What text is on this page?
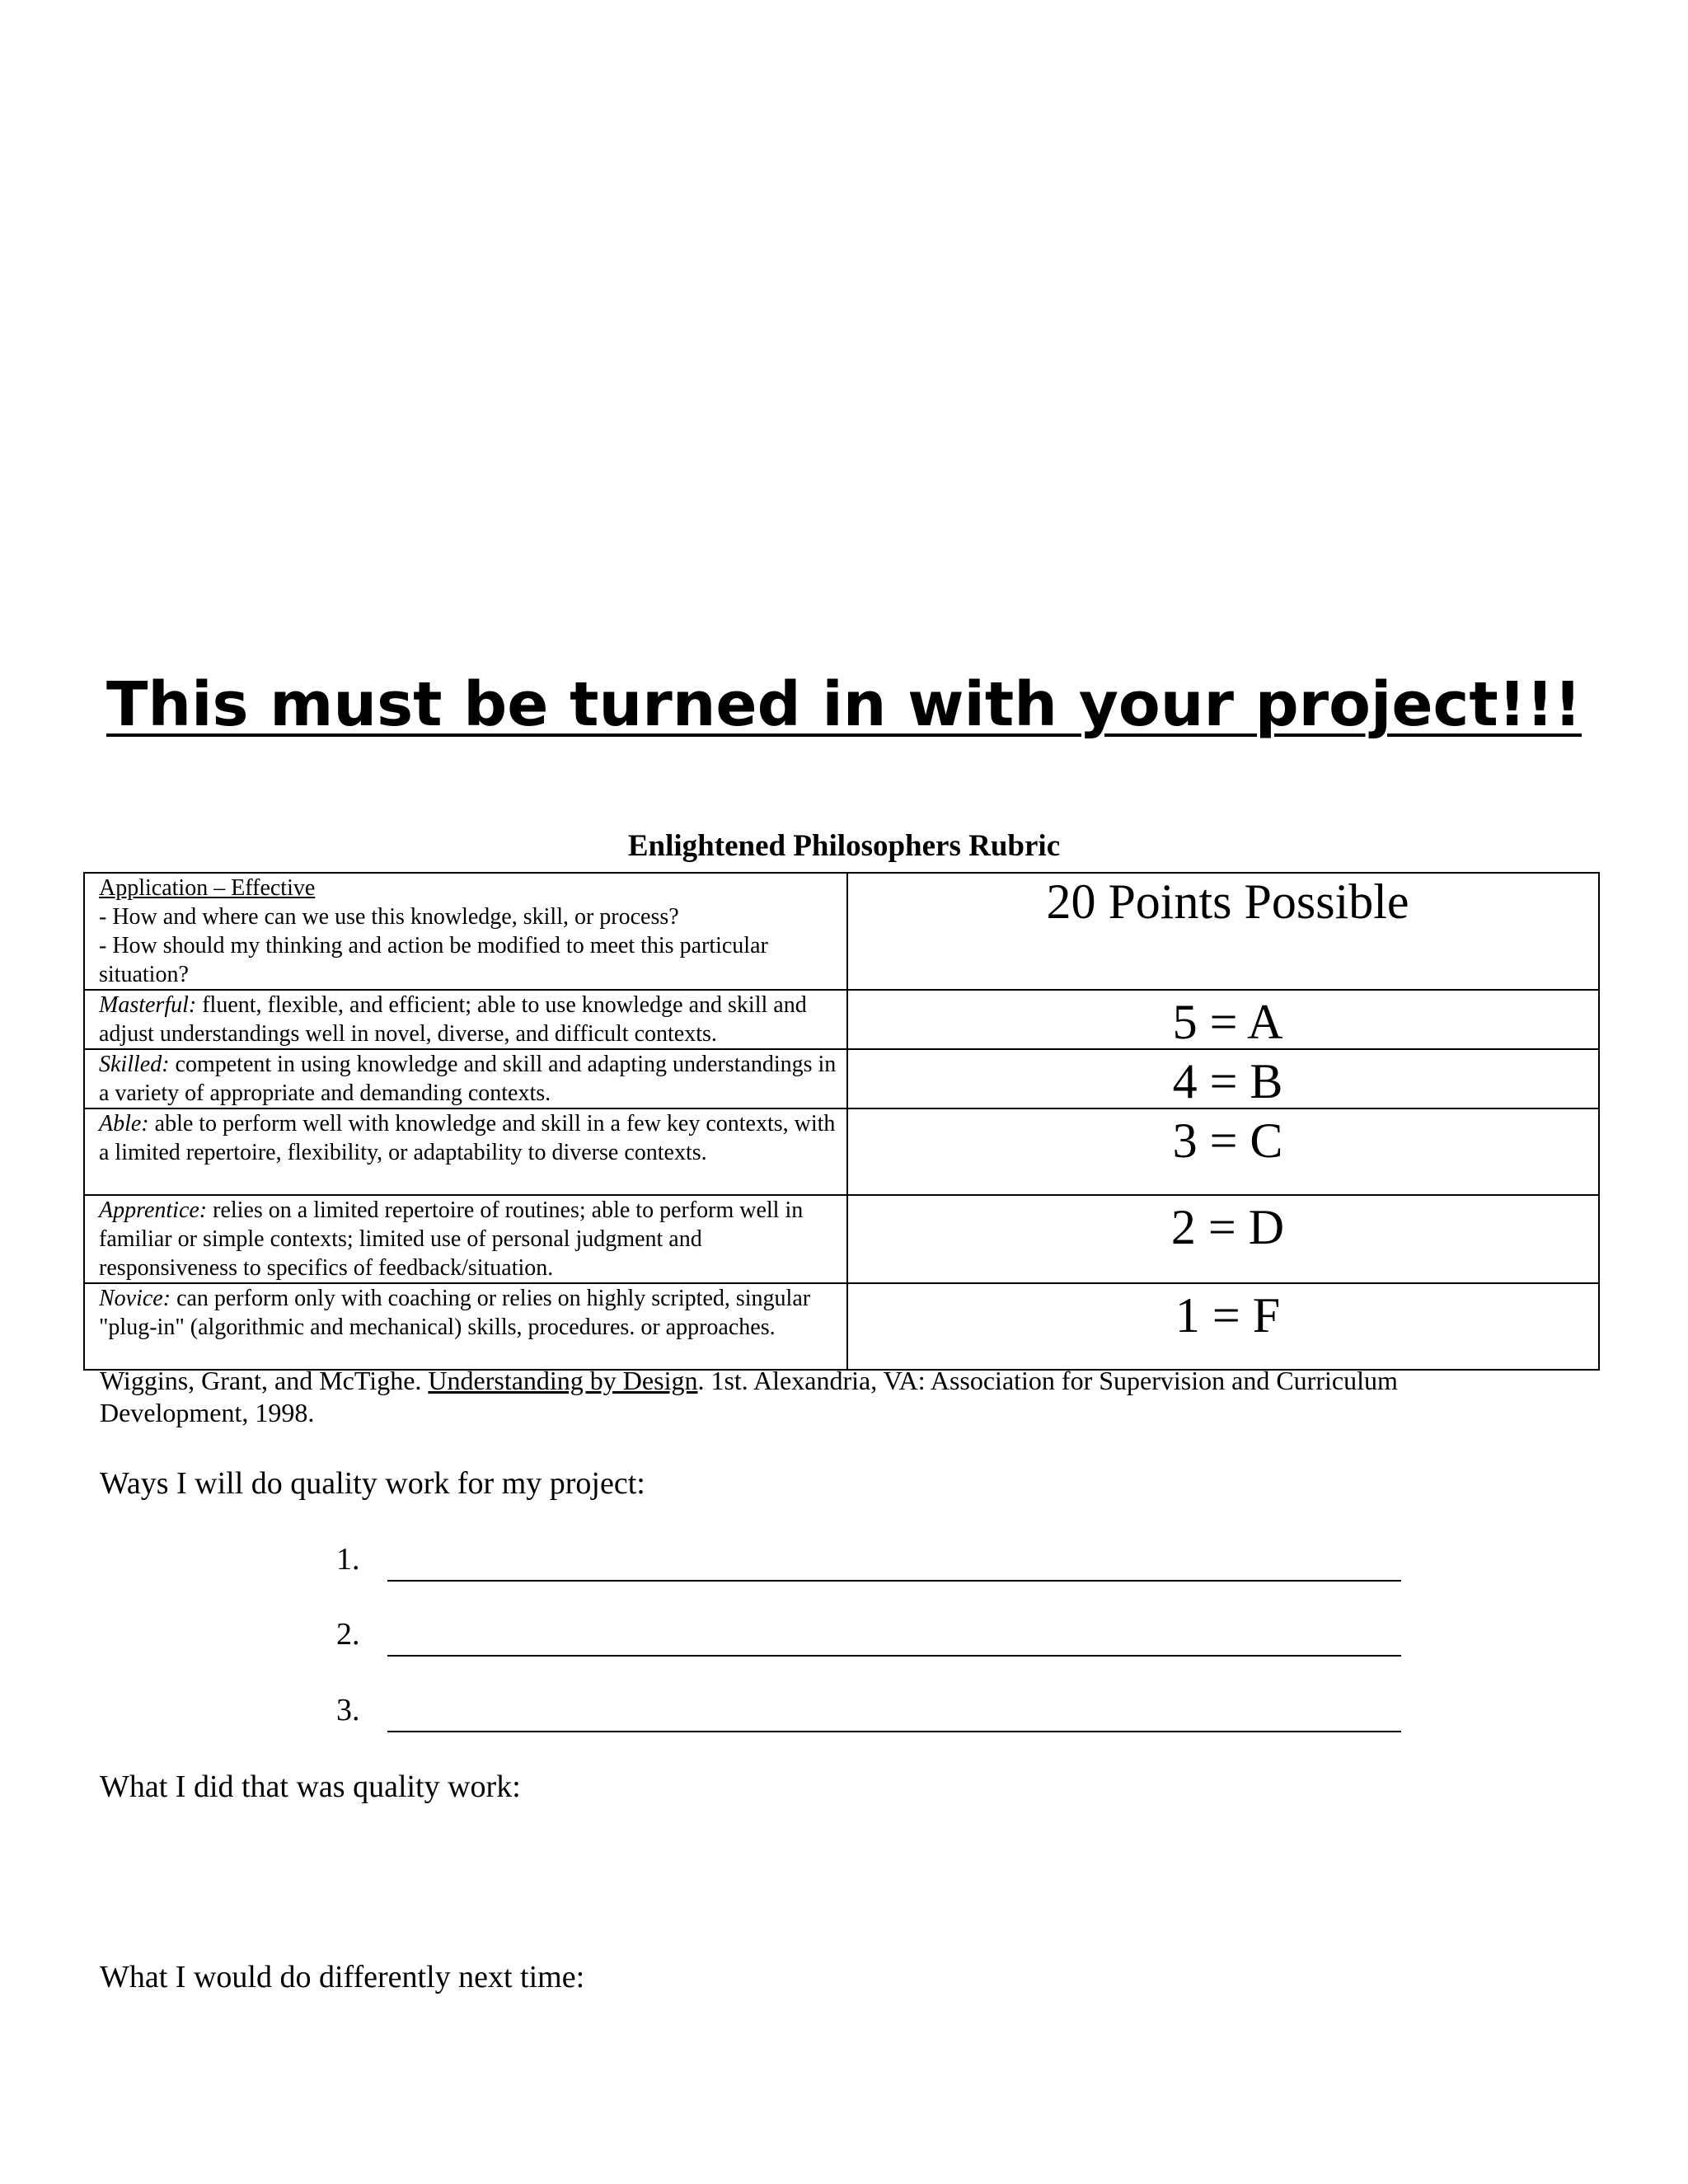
This must be turned in with your project!!!
Enlightened Philosophers Rubric
Application – Effective
- How and where can we use this knowledge, skill, or process?
- How should my thinking and action be modified to meet this particular situation?	20 Points Possible
Masterful: fluent, flexible, and efficient; able to use knowledge and skill and adjust understandings well in novel, diverse, and difficult contexts.	5 = A
Skilled: competent in using knowledge and skill and adapting understandings in a variety of appropriate and demanding contexts.	4 = B
Able: able to perform well with knowledge and skill in a few key contexts, with a limited repertoire, flexibility, or adaptability to diverse contexts.	3 = C
Apprentice: relies on a limited repertoire of routines; able to perform well in familiar or simple contexts; limited use of personal judgment and responsiveness to specifics of feedback/situation.	2 = D
Novice: can perform only with coaching or relies on highly scripted, singular "plug-in" (algorithmic and mechanical) skills, procedures. or approaches.	1 = F
Wiggins, Grant, and McTighe. Understanding by Design. 1st. Alexandria, VA: Association for Supervision and Curriculum Development, 1998.
Ways I will do quality work for my project:
1.
2.
3.
What I did that was quality work:
What I would do differently next time:
